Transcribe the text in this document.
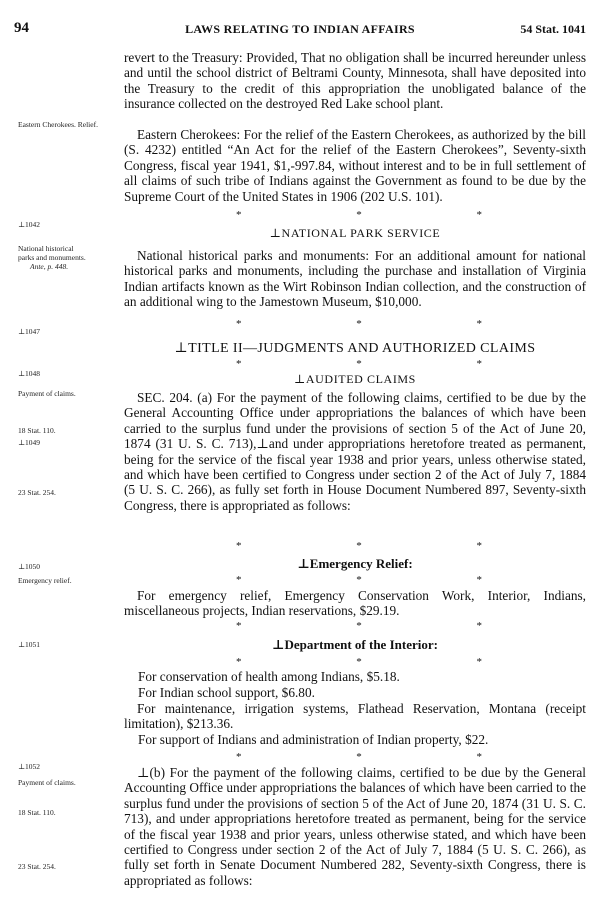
94	LAWS RELATING TO INDIAN AFFAIRS	54 Stat. 1041
Eastern Cherokees. Relief.
⊥1042
National historical
parks and monuments.
Ante, p. 448.
⊥1047
⊥1048
Payment of claims.
18 Stat. 110.
⊥1049
23 Stat. 254.
⊥1050
Emergency relief.
⊥1051
⊥1052
Payment of claims.
18 Stat. 110.
23 Stat. 254.
revert to the Treasury: Provided, That no obligation shall be incurred hereunder unless and until the school district of Beltrami County, Minnesota, shall have deposited into the Treasury to the credit of this appropriation the unobligated balance of the insurance collected on the destroyed Red Lake school plant.
Eastern Cherokees: For the relief of the Eastern Cherokees, as authorized by the bill (S. 4232) entitled “An Act for the relief of the Eastern Cherokees”, Seventy-sixth Congress, fiscal year 1941, $1,-997.84, without interest and to be in full settlement of all claims of such tribe of Indians against the Government as found to be due by the Supreme Court of the United States in 1906 (202 U.S. 101).
*	*	*
⊥NATIONAL PARK SERVICE
National historical parks and monuments: For an additional amount for national historical parks and monuments, including the purchase and installation of Virginia Indian artifacts known as the Wirt Robinson Indian collection, and the construction of an additional wing to the Jamestown Museum, $10,000.
*	*	*
⊥TITLE II—JUDGMENTS AND AUTHORIZED CLAIMS
*	*	*
⊥AUDITED CLAIMS
SEC. 204. (a) For the payment of the following claims, certified to be due by the General Accounting Office under appropriations the balances of which have been carried to the surplus fund under the provisions of section 5 of the Act of June 20, 1874 (31 U. S. C. 713),⊥and under appropriations heretofore treated as permanent, being for the service of the fiscal year 1938 and prior years, unless otherwise stated, and which have been certified to Congress under section 2 of the Act of July 7, 1884 (5 U. S. C. 266), as fully set forth in House Document Numbered 897, Seventy-sixth Congress, there is appropriated as follows:
*	*	*
⊥Emergency Relief:
*	*	*
For emergency relief, Emergency Conservation Work, Interior, Indians, miscellaneous projects, Indian reservations, $29.19.
*	*	*
⊥Department of the Interior:
*	*	*
For conservation of health among Indians, $5.18.
For Indian school support, $6.80.
For maintenance, irrigation systems, Flathead Reservation, Montana (receipt limitation), $213.36.
For support of Indians and administration of Indian property, $22.
*	*	*
⊥(b) For the payment of the following claims, certified to be due by the General Accounting Office under appropriations the balances of which have been carried to the surplus fund under the provisions of section 5 of the Act of June 20, 1874 (31 U. S. C. 713), and under appropriations heretofore treated as permanent, being for the service of the fiscal year 1938 and prior years, unless otherwise stated, and which have been certified to Congress under section 2 of the Act of July 7, 1884 (5 U. S. C. 266), as fully set forth in Senate Document Numbered 282, Seventy-sixth Congress, there is appropriated as follows:
